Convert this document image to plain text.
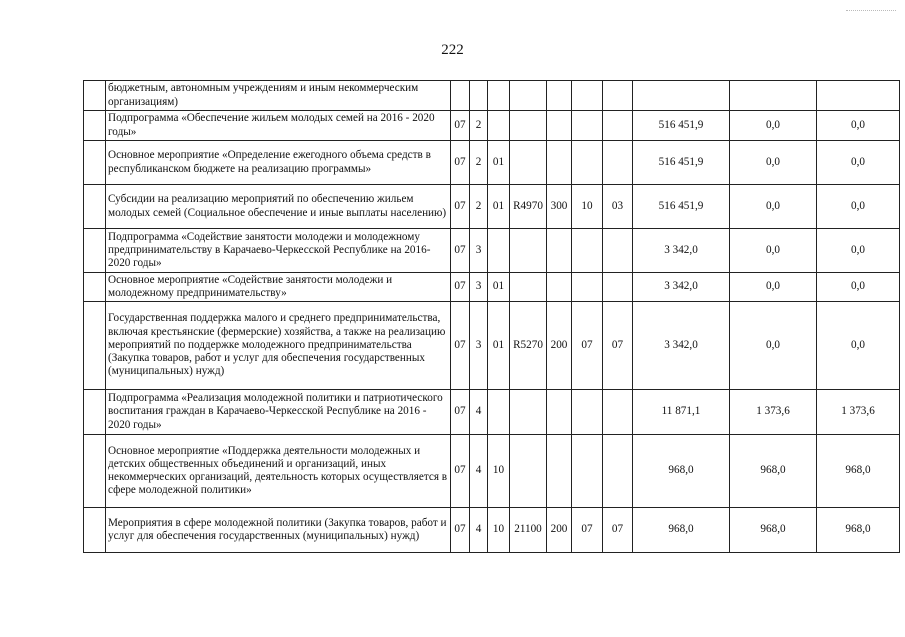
222
	бюджетным, автономным учреждениям и иным некоммерческим организациям)										
	Подпрограмма «Обеспечение жильем молодых семей на 2016 - 2020 годы»	07	2						516 451,9	0,0	0,0
	Основное мероприятие «Определение ежегодного объема средств в республиканском бюджете на реализацию программы»	07	2	01					516 451,9	0,0	0,0
	Субсидии на реализацию мероприятий по обеспечению жильем молодых семей (Социальное обеспечение и иные выплаты населению)	07	2	01	R4970	300	10	03	516 451,9	0,0	0,0
	Подпрограмма «Содействие занятости молодежи и молодежному предпринимательству в Карачаево-Черкесской Республике на 2016-2020 годы»	07	3						3 342,0	0,0	0,0
	Основное мероприятие «Содействие занятости молодежи и молодежному предпринимательству»	07	3	01					3 342,0	0,0	0,0
	Государственная поддержка малого и среднего предпринимательства, включая крестьянские (фермерские) хозяйства, а также на реализацию мероприятий по поддержке молодежного предпринимательства (Закупка товаров, работ и услуг для обеспечения государственных (муниципальных) нужд)	07	3	01	R5270	200	07	07	3 342,0	0,0	0,0
	Подпрограмма «Реализация молодежной политики и патриотического воспитания граждан в Карачаево-Черкесской Республике на 2016 - 2020 годы»	07	4						11 871,1	1 373,6	1 373,6
	Основное мероприятие «Поддержка деятельности молодежных и детских общественных объединений и организаций, иных некоммерческих организаций, деятельность которых осуществляется в сфере молодежной политики»	07	4	10					968,0	968,0	968,0
	Мероприятия в сфере молодежной политики (Закупка товаров, работ и услуг для обеспечения государственных (муниципальных) нужд)	07	4	10	21100	200	07	07	968,0	968,0	968,0
